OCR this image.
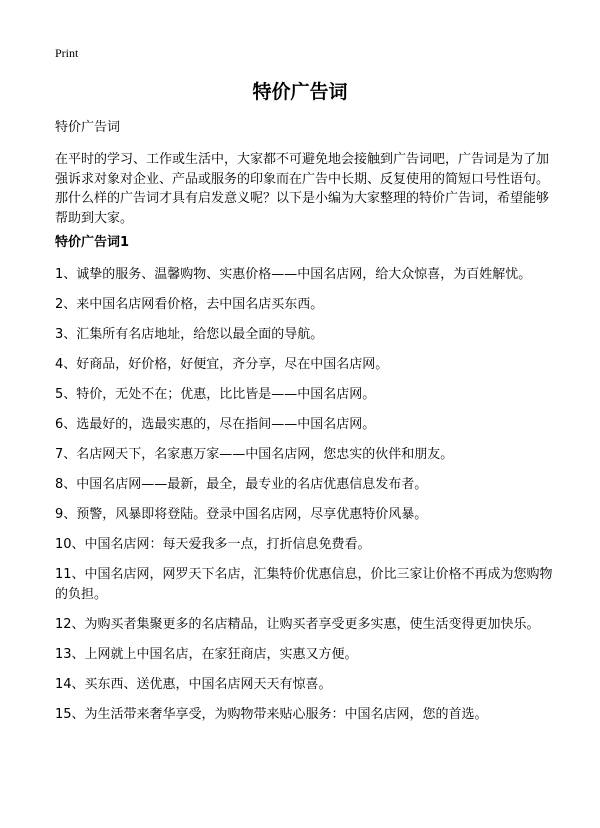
Print
特价广告词
特价广告词

在平时的学习、工作或生活中，大家都不可避免地会接触到广告词吧，广告词是为了加强诉求对象对企业、产品或服务的印象而在广告中长期、反复使用的简短口号性语句。那什么样的广告词才具有启发意义呢？以下是小编为大家整理的特价广告词，希望能够帮助到大家。

特价广告词1
1、诚挚的服务、温馨购物、实惠价格——中国名店网，给大众惊喜，为百姓解忧。
2、来中国名店网看价格，去中国名店买东西。
3、汇集所有名店地址，给您以最全面的导航。
4、好商品，好价格，好便宜，齐分享，尽在中国名店网。
5、特价，无处不在；优惠，比比皆是——中国名店网。
6、选最好的，选最实惠的，尽在指间——中国名店网。
7、名店网天下，名家惠万家——中国名店网，您忠实的伙伴和朋友。
8、中国名店网——最新，最全，最专业的名店优惠信息发布者。
9、预警，风暴即将登陆。登录中国名店网，尽享优惠特价风暴。
10、中国名店网：每天爱我多一点，打折信息免费看。
11、中国名店网，网罗天下名店，汇集特价优惠信息，价比三家让价格不再成为您购物的负担。
12、为购买者集聚更多的名店精品，让购买者享受更多实惠，使生活变得更加快乐。
13、上网就上中国名店，在家狂商店，实惠又方便。
14、买东西、送优惠，中国名店网天天有惊喜。
15、为生活带来奢华享受，为购物带来贴心服务：中国名店网，您的首选。
